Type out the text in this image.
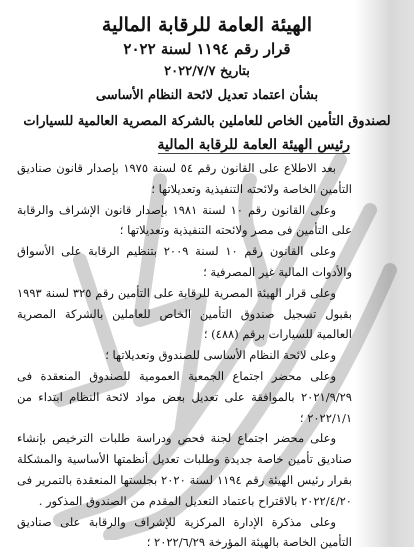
الهيئة العامة للرقابة المالية
قرار رقم ١١٩٤ لسنة ٢٠٢٢
بتاريخ ٢٠٢٢/٧/٧
بشأن اعتماد تعديل لائحة النظام الأساسى
لصندوق التأمين الخاص للعاملين بالشركة المصرية العالمية للسيارات
رئيس الهيئة العامة للرقابة المالية

بعد الاطلاع على القانون رقم ٥٤ لسنة ١٩٧٥ بإصدار قانون صناديق التأمين الخاصة ولائحته التنفيذية وتعديلاتها ؛

وعلى القانون رقم ١٠ لسنة ١٩٨١ بإصدار قانون الإشراف والرقابة على التأمين فى مصر ولائحته التنفيذية وتعديلاتها ؛

وعلى القانون رقم ١٠ لسنة ٢٠٠٩ بتنظيم الرقابة على الأسواق والأدوات المالية غير المصرفية ؛

وعلى قرار الهيئة المصرية للرقابة على التأمين رقم ٣٢٥ لسنة ١٩٩٣ بقبول تسجيل صندوق التأمين الخاص للعاملين بالشركة المصرية العالمية للسيارات برقم (٤٨٨) ؛

وعلى لائحة النظام الأساسى للصندوق وتعديلاتها ؛

وعلى محضر اجتماع الجمعية العمومية للصندوق المنعقدة فى ٢٠٢١/٩/٢٩ بالموافقة على تعديل بعض مواد لائحة النظام ابتداء من ٢٠٢٢/١/١ ؛

وعلى محضر اجتماع لجنة فحص ودراسة طلبات الترخيص بإنشاء صناديق تأمين خاصة جديدة وطلبات تعديل أنظمتها الأساسية والمشكلة بقرار رئيس الهيئة رقم ١١٩٤ لسنة ٢٠٢٠ بجلستها المنعقدة بالتمرير فى ٢٠٢٢/٤/٢٠ بالاقتراح باعتماد التعديل المقدم من الصندوق المذكور .

وعلى مذكرة الإدارة المركزية للإشراف والرقابة على صناديق التأمين الخاصة بالهيئة المؤرخة ٢٠٢٢/٦/٢٩ ؛
